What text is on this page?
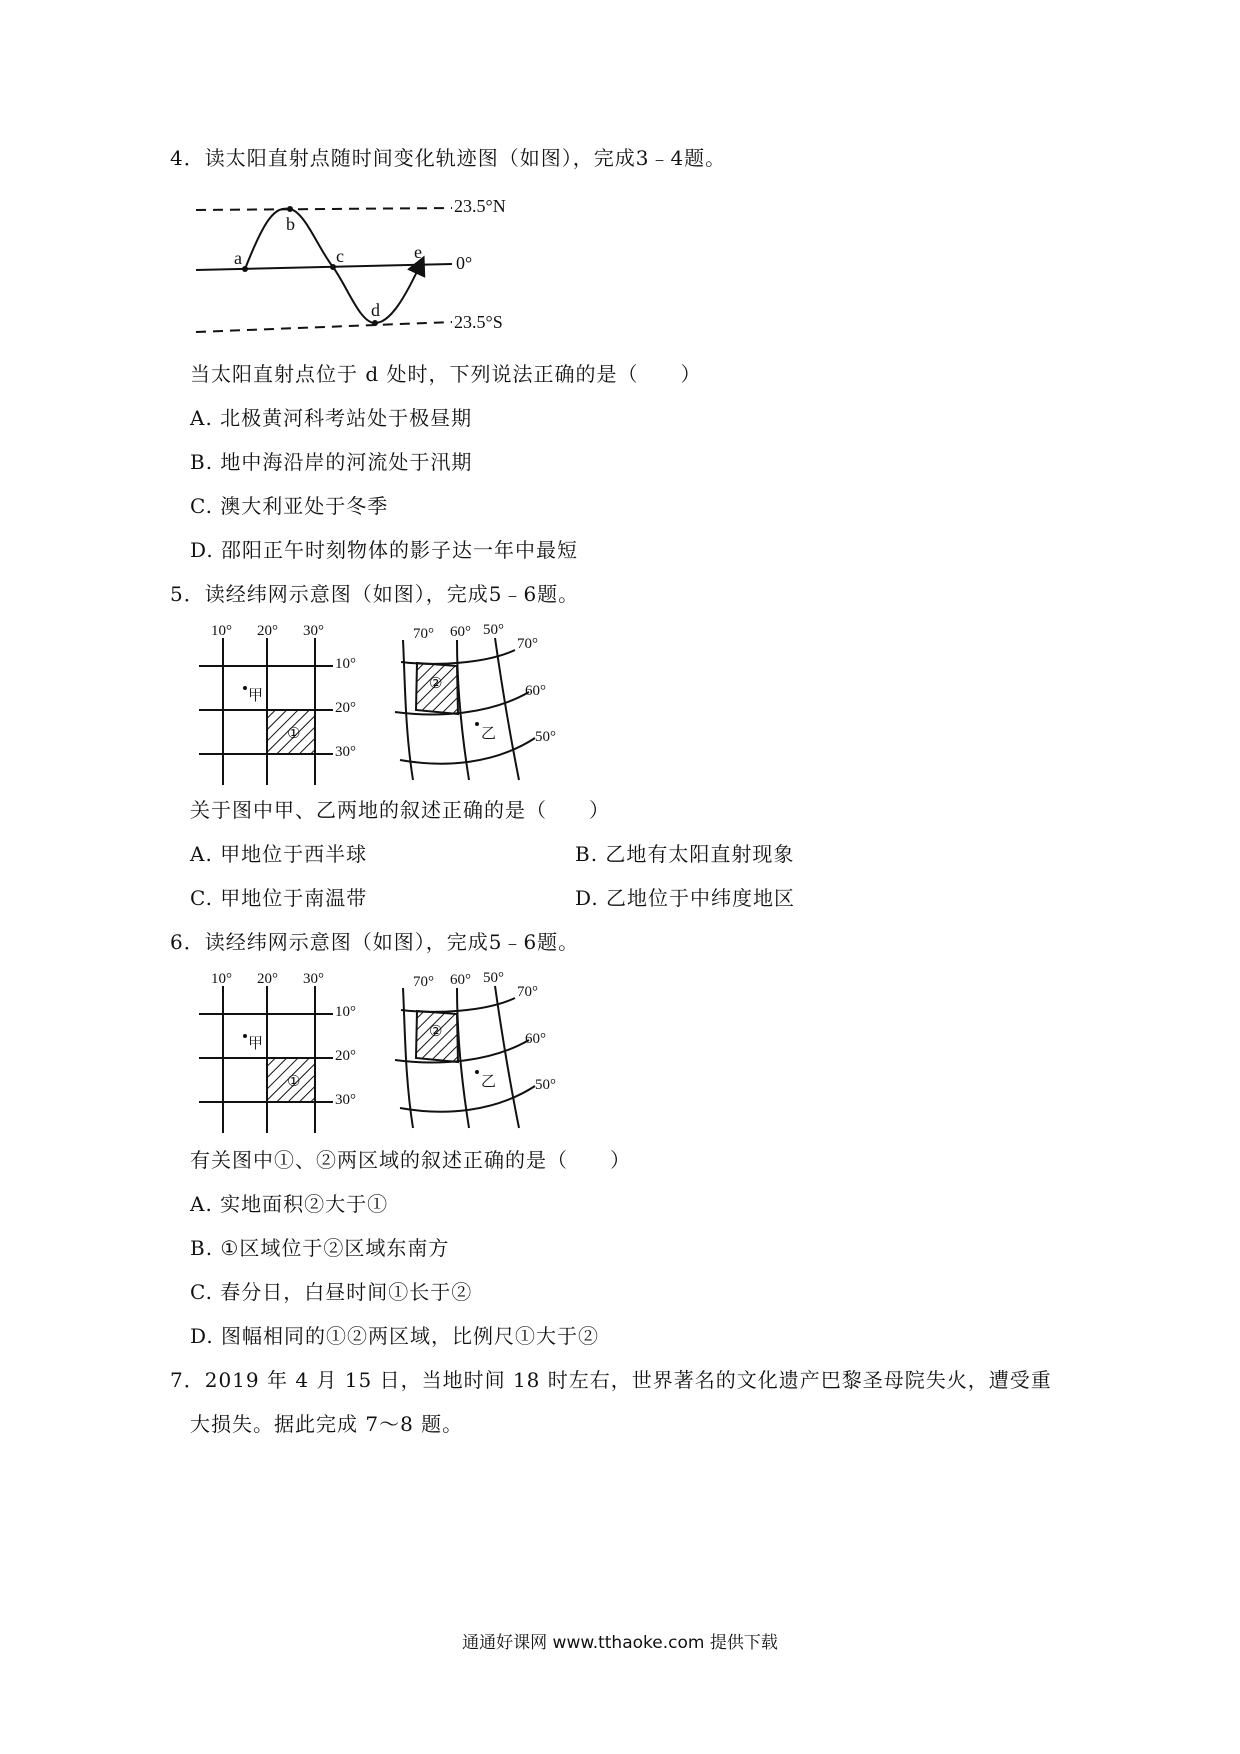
4．读太阳直射点随时间变化轨迹图（如图），完成3﹣4题。
a
b
c
d
e
23.5°N
0°
23.5°S
当太阳直射点位于 d 处时，下列说法正确的是（　　）
A. 北极黄河科考站处于极昼期
B. 地中海沿岸的河流处于汛期
C. 澳大利亚处于冬季
D. 邵阳正午时刻物体的影子达一年中最短
5．读经纬网示意图（如图），完成5﹣6题。
①
10° 20° 30°
10°
20°
30°
甲
②
70° 60° 50°
70°
60°
50°
乙
关于图中甲、乙两地的叙述正确的是（　　）
A. 甲地位于西半球	B. 乙地有太阳直射现象
C. 甲地位于南温带	D. 乙地位于中纬度地区
6．读经纬网示意图（如图），完成5﹣6题。
①
10° 20° 30°
10°
20°
30°
甲
②
70° 60° 50°
70°
60°
50°
乙
有关图中①、②两区域的叙述正确的是（　　）
A. 实地面积②大于①
B. ①区域位于②区域东南方
C. 春分日，白昼时间①长于②
D. 图幅相同的①②两区域，比例尺①大于②
7．2019 年 4 月 15 日，当地时间 18 时左右，世界著名的文化遗产巴黎圣母院失火，遭受重
大损失。据此完成 7～8 题。
通通好课网 www.tthaoke.com 提供下载
